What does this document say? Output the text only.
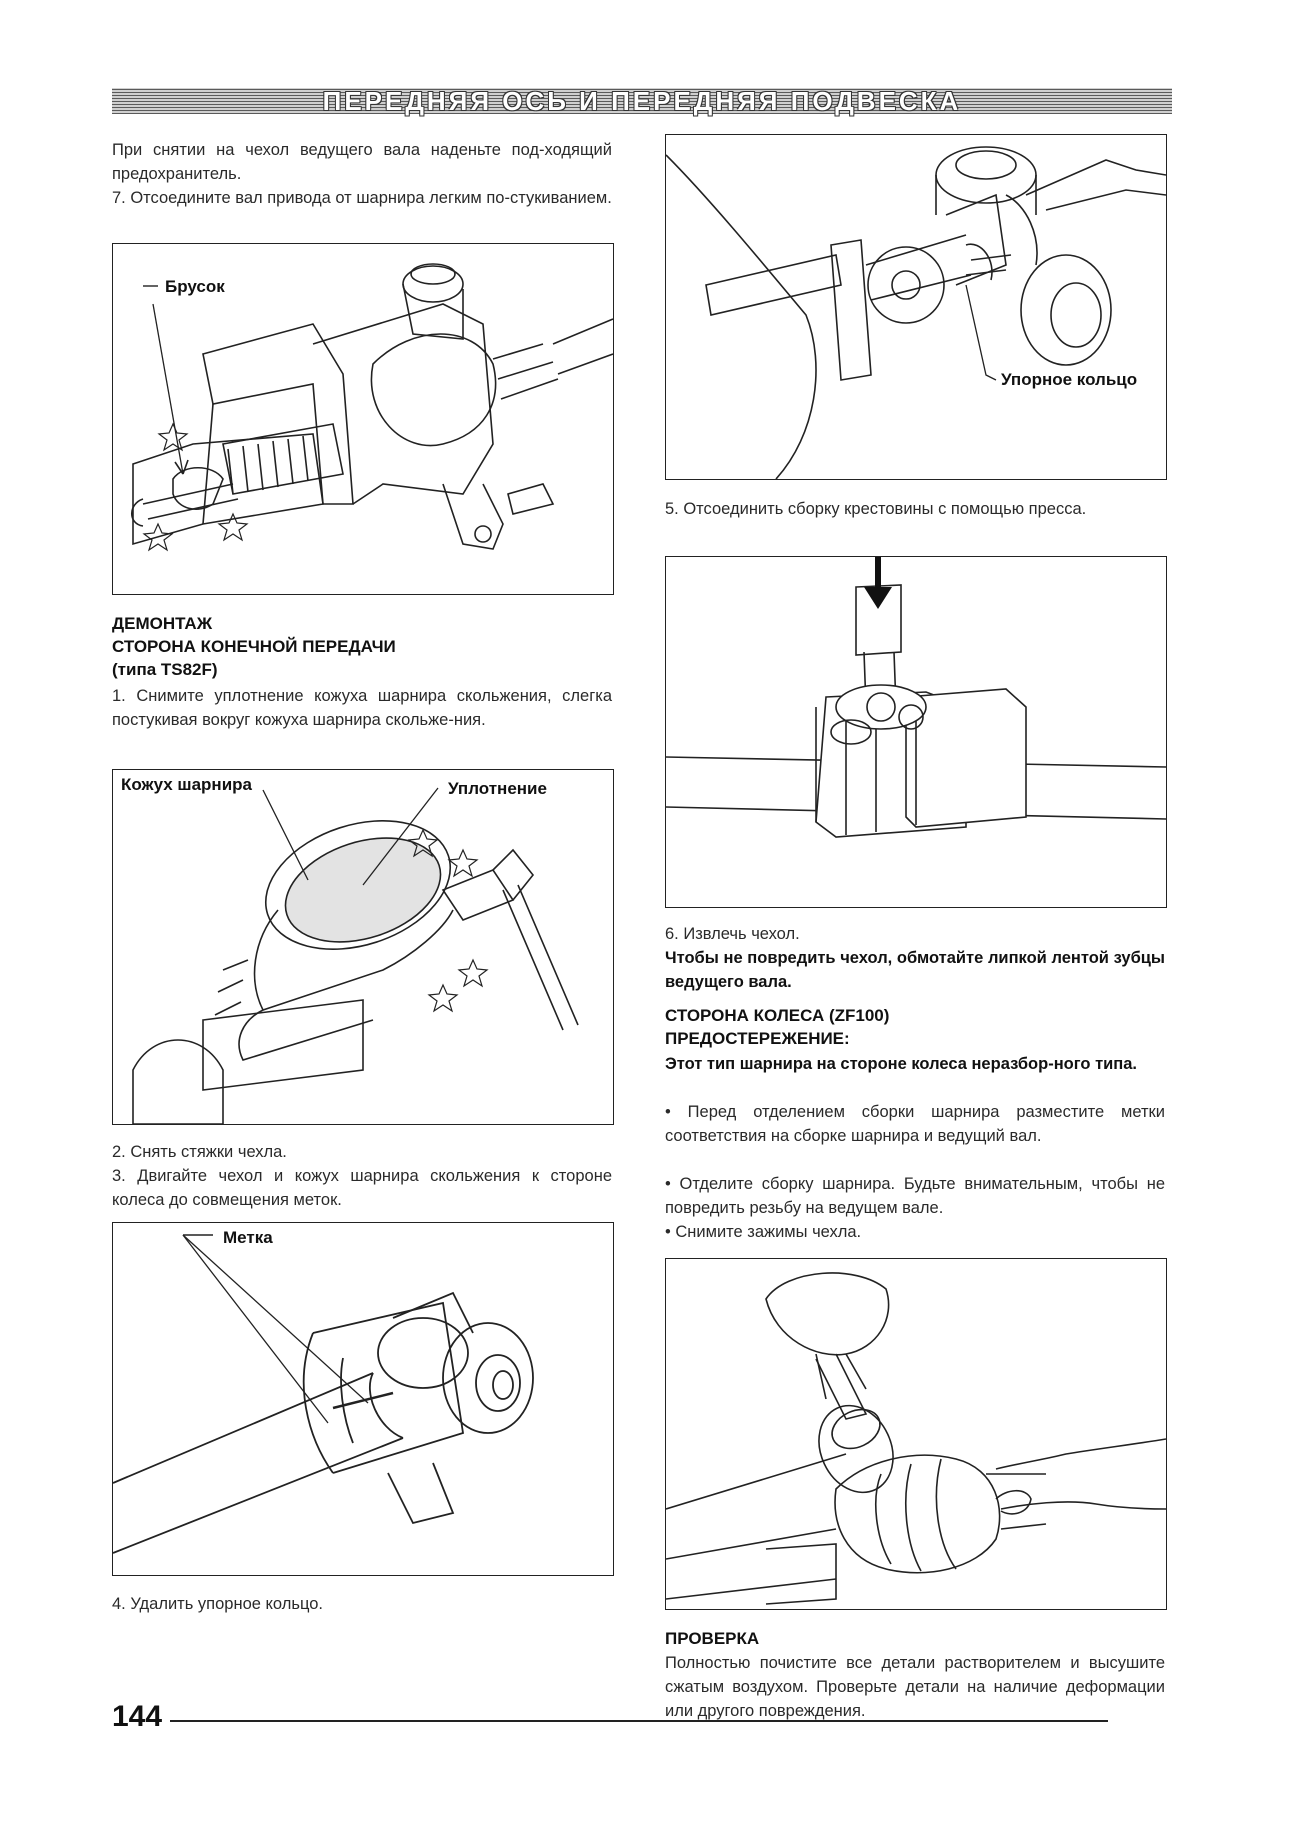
ПЕРЕДНЯЯ ОСЬ И ПЕРЕДНЯЯ ПОДВЕСКА

При снятии на чехол ведущего вала наденьте под-ходящий предохранитель.

7. Отсоедините вал привода от шарнира легким по-стукиванием.

Брусок

ДЕМОНТАЖ

СТОРОНА КОНЕЧНОЙ ПЕРЕДАЧИ

(типа TS82F)

1. Снимите уплотнение кожуха шарнира скольжения, слегка постукивая вокруг кожуха шарнира скольже-ния.

Кожух шарнира	Уплотнение

2. Снять стяжки чехла.

3. Двигайте чехол и кожух шарнира скольжения к стороне колеса до совмещения меток.

Метка

4. Удалить упорное кольцо.

Упорное кольцо

5. Отсоединить сборку крестовины с помощью пресса.

6. Извлечь чехол.

Чтобы не повредить чехол, обмотайте липкой лентой зубцы ведущего вала.

СТОРОНА КОЛЕСА (ZF100)

ПРЕДОСТЕРЕЖЕНИЕ:

Этот тип шарнира на стороне колеса неразбор-ного типа.

• Перед отделением сборки шарнира разместите метки соответствия на сборке шарнира и ведущий вал.

• Отделите сборку шарнира. Будьте внимательным, чтобы не повредить резьбу на ведущем вале.

• Снимите зажимы чехла.

ПРОВЕРКА

Полностью почистите все детали растворителем и высушите сжатым воздухом. Проверьте детали на наличие деформации или другого повреждения.

144
